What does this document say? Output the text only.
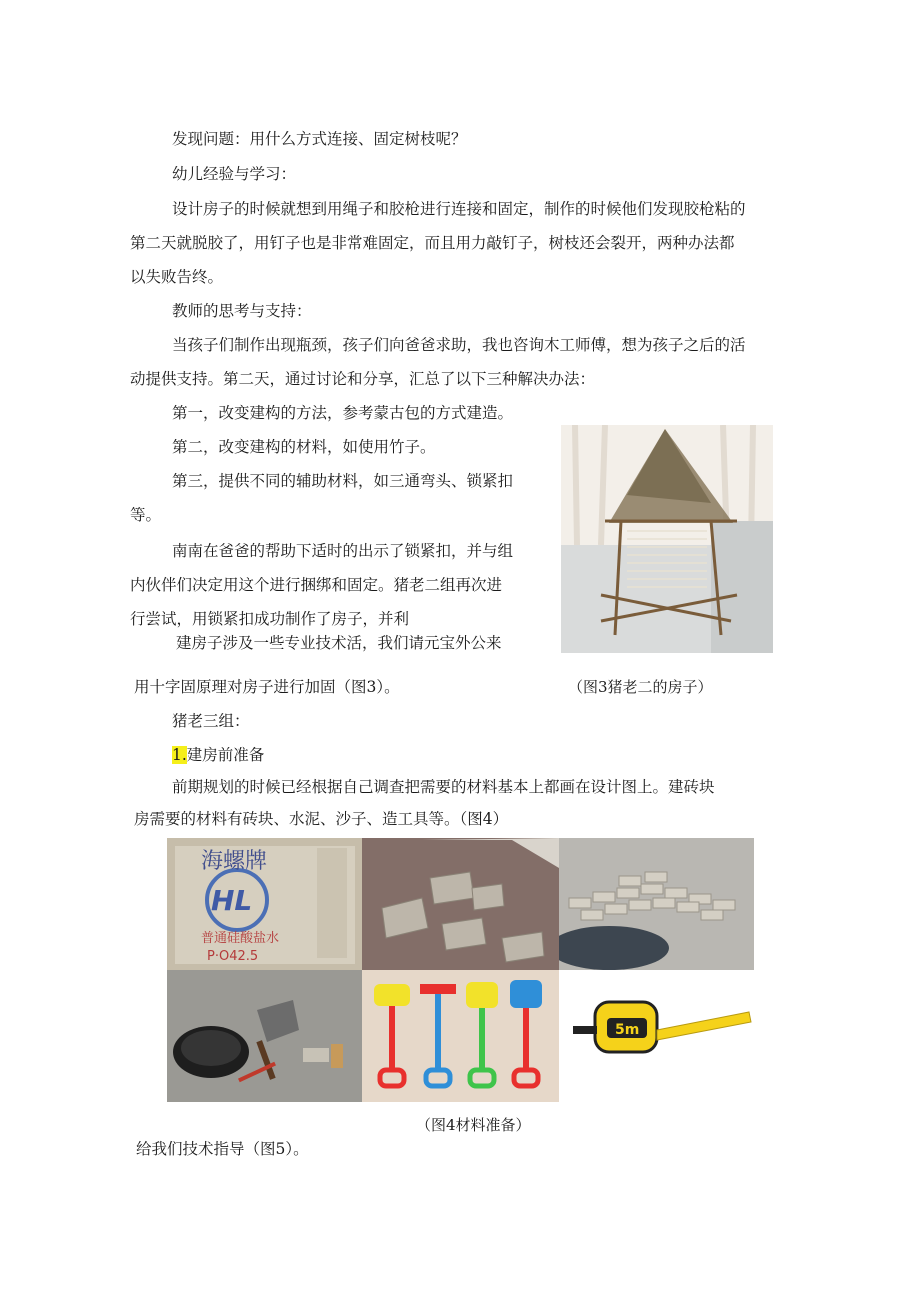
发现问题：用什么方式连接、固定树枝呢？
幼儿经验与学习：
设计房子的时候就想到用绳子和胶枪进行连接和固定，制作的时候他们发现胶枪粘的
第二天就脱胶了，用钉子也是非常难固定，而且用力敲钉子，树枝还会裂开，两种办法都
以失败告终。
教师的思考与支持：
当孩子们制作出现瓶颈，孩子们向爸爸求助，我也咨询木工师傅，想为孩子之后的活
动提供支持。第二天，通过讨论和分享，汇总了以下三种解决办法：
第一，改变建构的方法，参考蒙古包的方式建造。
第二，改变建构的材料，如使用竹子。
第三，提供不同的辅助材料，如三通弯头、锁紧扣
等。
南南在爸爸的帮助下适时的出示了锁紧扣，并与组
内伙伴们决定用这个进行捆绑和固定。猪老二组再次进
行尝试，用锁紧扣成功制作了房子，并利
建房子涉及一些专业技术活，我们请元宝外公来
用十字固原理对房子进行加固（图3）。
猪老三组：
1.建房前准备
前期规划的时候已经根据自己调查把需要的材料基本上都画在设计图上。建砖块
房需要的材料有砖块、水泥、沙子、造工具等。（图4）
给我们技术指导（图5）。
（图3猪老二的房子）
海螺牌
HL
普通硅酸盐水
P·O42.5
5m
（图4材料准备）
